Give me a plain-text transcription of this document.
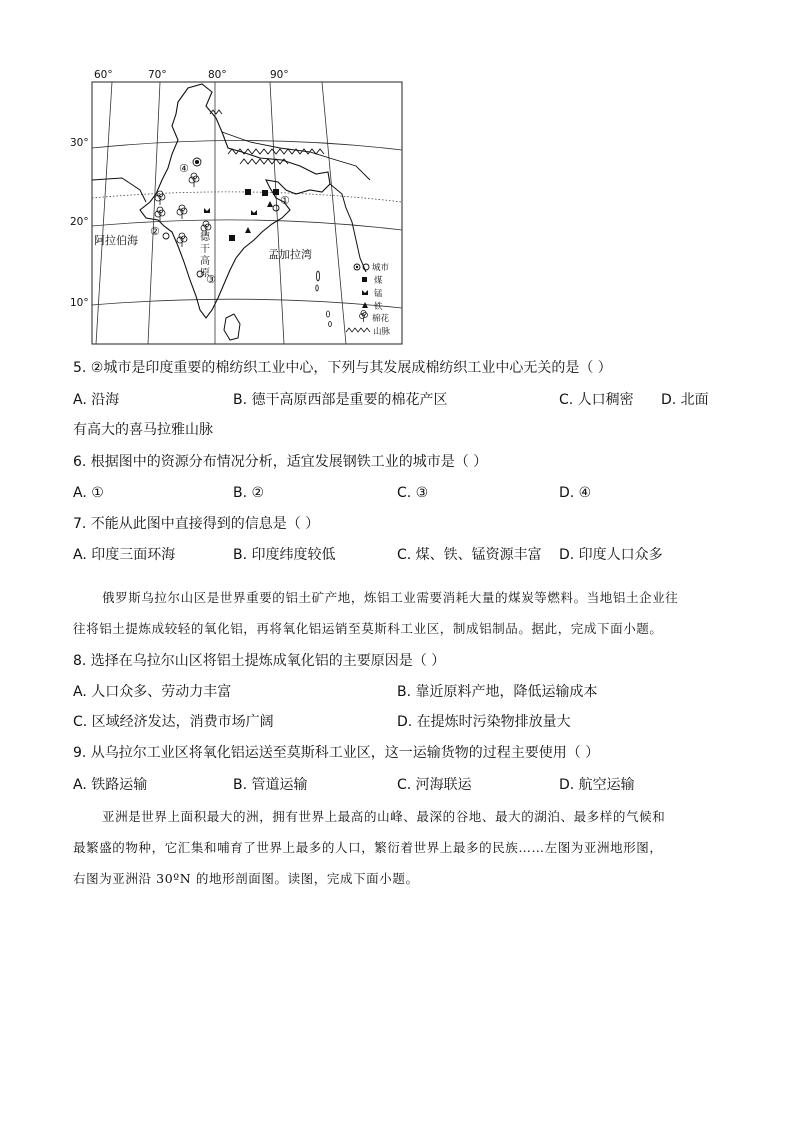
④
①
②
③
60°	70°	80°	90°
30°
20°
10°
阿拉伯海
孟加拉湾
德
干
高
原	城市
煤
锰
铁
棉花
山脉
5. ②城市是印度重要的棉纺织工业中心，下列与其发展成棉纺织工业中心无关的是（ ）
A. 沿海	B. 德干高原西部是重要的棉花产区	C. 人口稠密 D. 北面
有高大的喜马拉雅山脉
6. 根据图中的资源分布情况分析，适宜发展钢铁工业的城市是（ ）
A. ①	B. ②	C. ③	D. ④
7. 不能从此图中直接得到的信息是（ ）
A. 印度三面环海	B. 印度纬度较低	C. 煤、铁、锰资源丰富 D. 印度人口众多
俄罗斯乌拉尔山区是世界重要的铝土矿产地，炼铝工业需要消耗大量的煤炭等燃料。当地铝土企业往
往将铝土提炼成较轻的氧化铝，再将氧化铝运销至莫斯科工业区，制成铝制品。据此，完成下面小题。
8. 选择在乌拉尔山区将铝土提炼成氧化铝的主要原因是（ ）
A. 人口众多、劳动力丰富	B. 靠近原料产地，降低运输成本
C. 区域经济发达，消费市场广阔	D. 在提炼时污染物排放量大
9. 从乌拉尔工业区将氧化铝运送至莫斯科工业区，这一运输货物的过程主要使用（ ）
A. 铁路运输	B. 管道运输	C. 河海联运	D. 航空运输
亚洲是世界上面积最大的洲，拥有世界上最高的山峰、最深的谷地、最大的湖泊、最多样的气候和
最繁盛的物种，它汇集和哺育了世界上最多的人口，繁衍着世界上最多的民族……左图为亚洲地形图，
右图为亚洲沿 30ºN 的地形剖面图。读图，完成下面小题。
